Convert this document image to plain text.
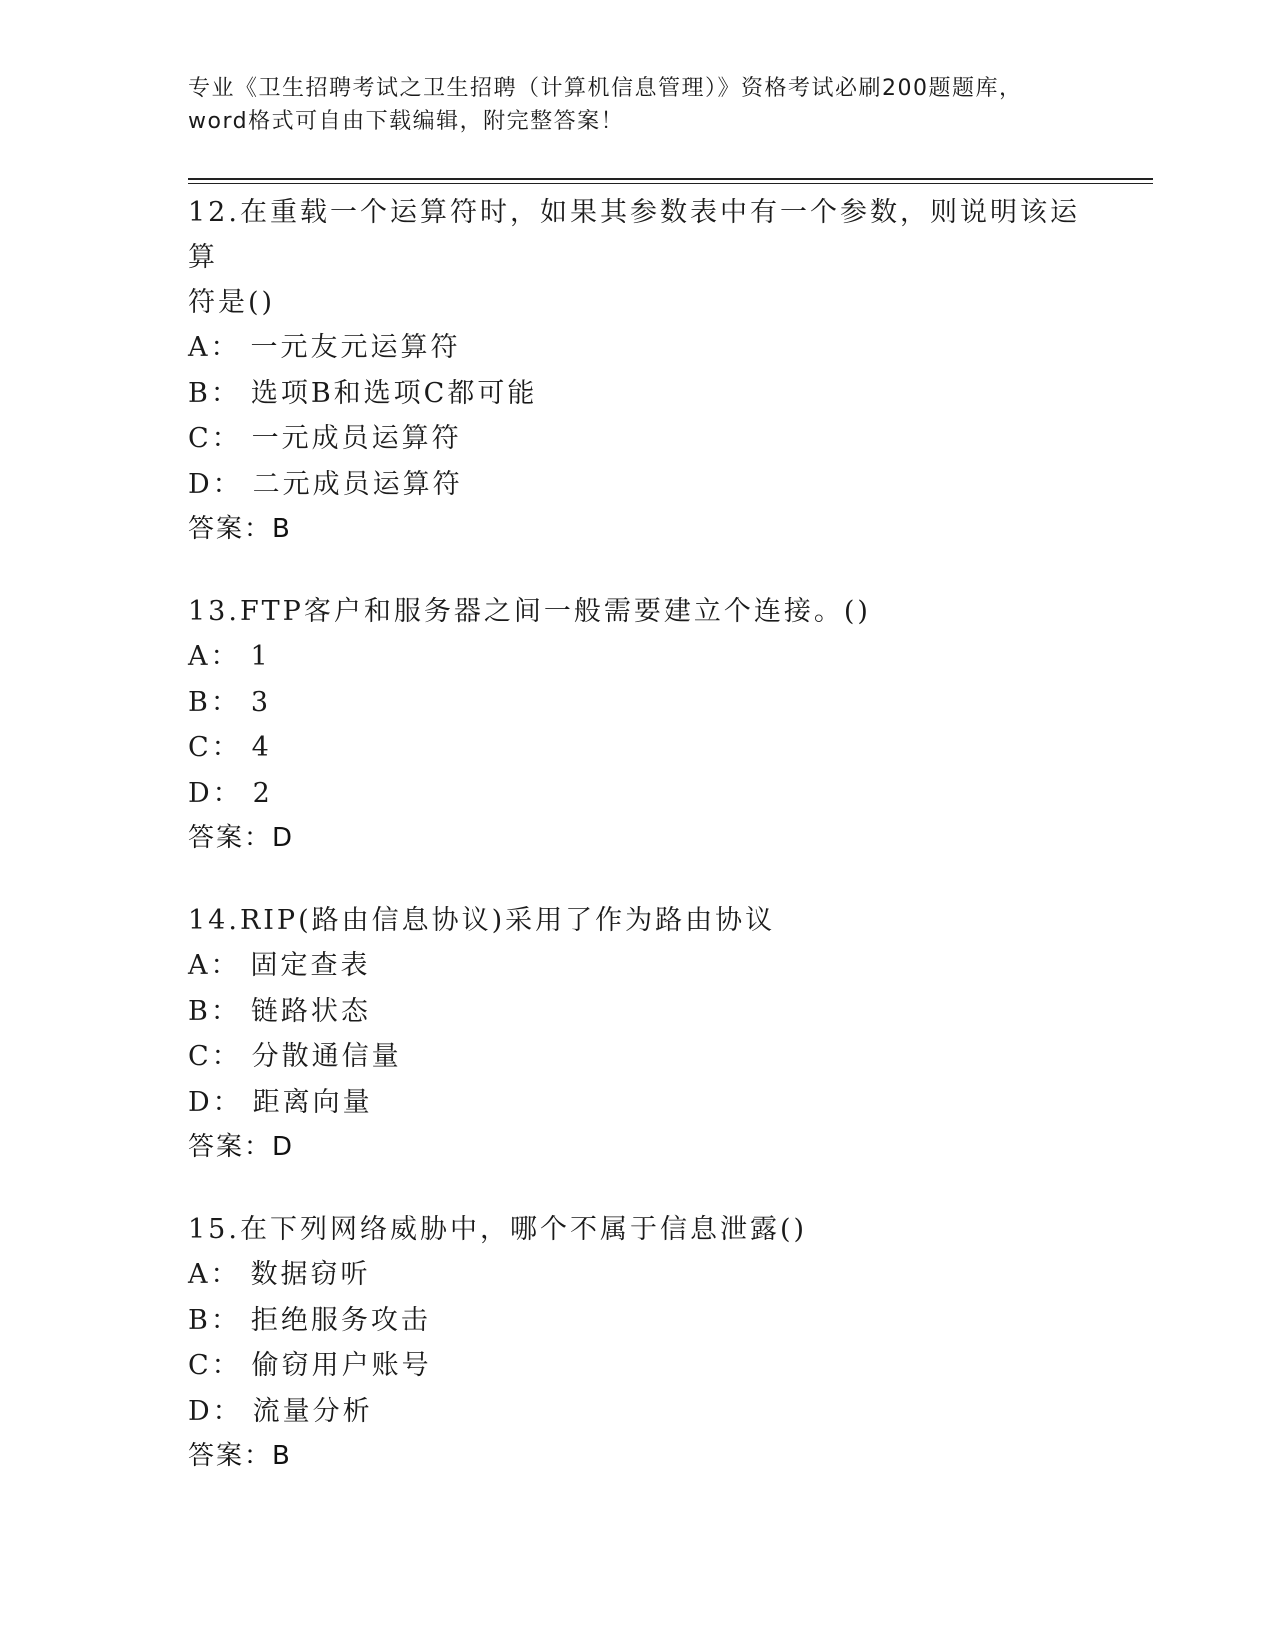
专业《卫生招聘考试之卫生招聘（计算机信息管理）》资格考试必刷200题题库，

word格式可自由下载编辑，附完整答案！

12.在重载一个运算符时，如果其参数表中有一个参数，则说明该运算

符是()

A： 一元友元运算符

B： 选项B和选项C都可能

C： 一元成员运算符

D： 二元成员运算符

答案：B

13.FTP客户和服务器之间一般需要建立个连接。()

A： 1

B： 3

C： 4

D： 2

答案：D

14.RIP(路由信息协议)采用了作为路由协议

A： 固定查表

B： 链路状态

C： 分散通信量

D： 距离向量

答案：D

15.在下列网络威胁中，哪个不属于信息泄露()

A： 数据窃听

B： 拒绝服务攻击

C： 偷窃用户账号

D： 流量分析

答案：B
